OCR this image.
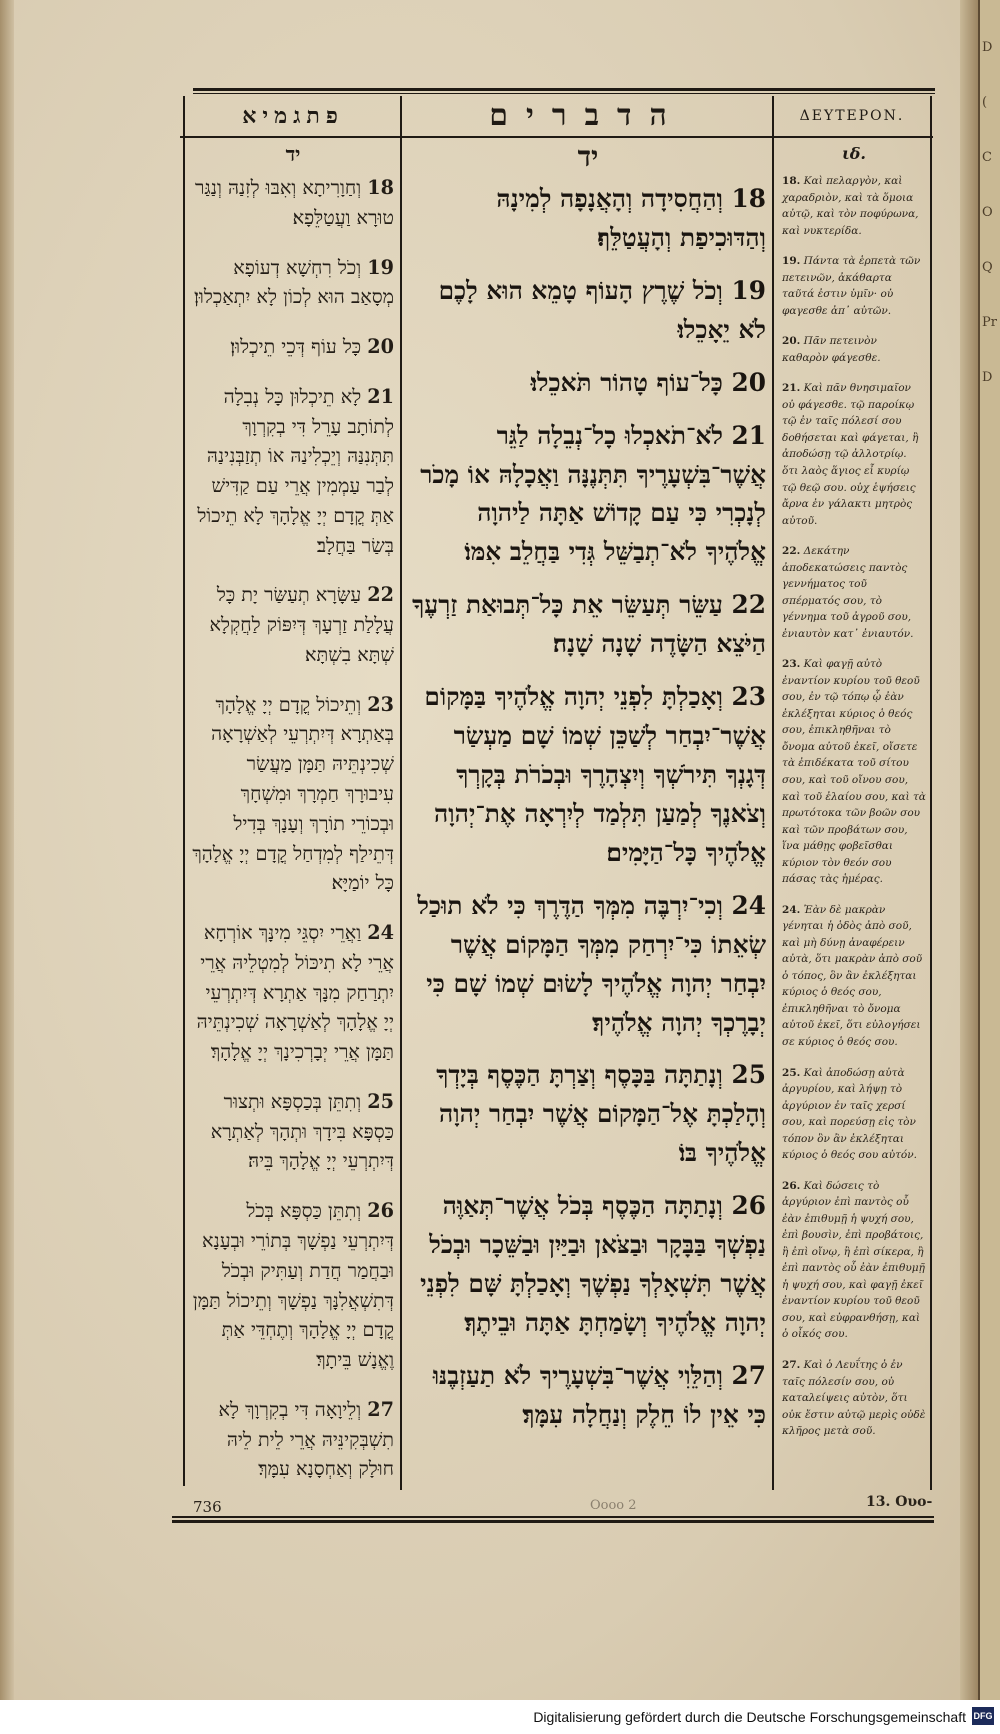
פתגמיא	הדברים	ΔΕΥΤΕΡΟΝ.
יד
18 וְחַוָרִיתָא וְאִבּוּ לְזִנַהּ וְנַגַּר טוּרָא וַעֲטַלֵּפָא׃
19 וְכֹל רִחְשָׁא דְעוֹפָא מְסָאַב הוּא לְכוֹן לָא יִתְאַכְלוּן׃
20 כָּל עוֹף דְּכֵי תֵיכְלוּן׃
21 לָא תֵיכְלוּן כָּל נְבִלָה לְתוֹתָב עָרֵל דִּי בְקִרְוָךְ תִּתְּנִנַּהּ וְיֵכְלִינַהּ אוֹ תְזַבְּנִינַהּ לְבַר עַמְמִין אֲרֵי עַם קַדִּישׁ אַתְּ קֳדָם יְיָ אֱלָהָךְ לָא תֵיכוֹל בְּשַׂר בַּחֲלָב׃
22 עַשָּׂרָא תְעַשַּׂר יָת כָּל עֲלָלַת זַרְעָךְ דְּיִפּוֹק לַחֲקְלָא שְׁתָּא בִשְׁתָּא׃
23 וְתֵיכוֹל קֳדָם יְיָ אֱלָהָךְ בְּאַתְרָא דְּיִתְרְעֵי לְאַשְׁרָאָה שְׁכִינְתֵּיהּ תַּמָּן מַעֲשַׂר עִיבוּרָךְ חַמְרָךְ וּמִשְׁחָךְ וּבְכוֹרֵי תוֹרָךְ וְעָנָךְ בְּדִיל דְּתֵילַף לְמִדְחַל קֳדָם יְיָ אֱלָהָךְ כָּל יוֹמַיָּא׃
24 וַאֲרֵי יִסְגֵּי מִינָּךְ אוֹרְחָא אֲרֵי לָא תִיכּוֹל לְמִטְלֵיהּ אֲרֵי יִתְרַחַק מִנָּךְ אַתְרָא דְּיִתְרְעֵי יְיָ אֱלָהָךְ לְאַשְׁרָאָה שְׁכִינְתֵּיהּ תַּמָּן אֲרֵי יְבָרְכִינָךְ יְיָ אֱלָהָךְ׃
25 וְתִתֵּן בְּכַסְפָּא וּתְצוּר כַּסְפָּא בִּידָךְ וּתְהָךְ לְאַתְרָא דְּיִתְרְעֵי יְיָ אֱלָהָךְ בֵּיהּ׃
26 וְתִתֵּן כַּסְפָּא בְּכֹל דְּיִתְרְעֵי נַפְשָׁךְ בְּתוֹרֵי וּבְעָנָא וּבַחֲמַר חֲדַת וְעַתִּיק וּבְכֹל דְּתִשְׁאֲלִנָּךְ נַפְשָׁךְ וְתֵיכוֹל תַּמָּן קֳדָם יְיָ אֱלָהָךְ וְתֶחְדֵּי אַתְּ וֶאֱנָשׁ בֵּיתָךְ׃
27 וְלֵיוָאָה דִּי בְקִרְוָךְ לָא תִשְׁבְּקִינֵּיהּ אֲרֵי לֵית לֵיהּ חוּלָק וְאַחְסָנָא עִמָּךְ׃
יד
18 וְהַחֲסִידָה וְהָאֲנָפָה לְמִינָהּ וְהַדּוּכִיפַת וְהָעֲטַלֵּף׃
19 וְכֹל שֶׁרֶץ הָעוֹף טָמֵא הוּא לָכֶם לֹא יֵאָכֵלוּ׃
20 כָּל־עוֹף טָהוֹר תֹּאכֵלוּ׃
21 לֹא־תֹאכְלוּ כָל־נְבֵלָה לַגֵּר אֲשֶׁר־בִּשְׁעָרֶיךָ תִּתְּנֶנָּה וַאֲכָלָהּ אוֹ מָכֹר לְנָכְרִי כִּי עַם קָדוֹשׁ אַתָּה לַיהוָה אֱלֹהֶיךָ לֹא־תְבַשֵּׁל גְּדִי בַּחֲלֵב אִמּוֹ׃
22 עַשֵּׂר תְּעַשֵּׂר אֵת כָּל־תְּבוּאַת זַרְעֶךָ הַיֹּצֵא הַשָּׂדֶה שָׁנָה שָׁנָה׃
23 וְאָכַלְתָּ לִפְנֵי יְהוָה אֱלֹהֶיךָ בַּמָּקוֹם אֲשֶׁר־יִבְחַר לְשַׁכֵּן שְׁמוֹ שָׁם מַעְשַׂר דְּגָנְךָ תִּירֹשְׁךָ וְיִצְהָרֶךָ וּבְכֹרֹת בְּקָרְךָ וְצֹאנֶךָ לְמַעַן תִּלְמַד לְיִרְאָה אֶת־יְהוָה אֱלֹהֶיךָ כָּל־הַיָּמִים׃
24 וְכִי־יִרְבֶּה מִמְּךָ הַדֶּרֶךְ כִּי לֹא תוּכַל שְׂאֵתוֹ כִּי־יִרְחַק מִמְּךָ הַמָּקוֹם אֲשֶׁר יִבְחַר יְהוָה אֱלֹהֶיךָ לָשׂוּם שְׁמוֹ שָׁם כִּי יְבָרֶכְךָ יְהוָה אֱלֹהֶיךָ׃
25 וְנָתַתָּה בַּכָּסֶף וְצַרְתָּ הַכֶּסֶף בְּיָדְךָ וְהָלַכְתָּ אֶל־הַמָּקוֹם אֲשֶׁר יִבְחַר יְהוָה אֱלֹהֶיךָ בּוֹ׃
26 וְנָתַתָּה הַכֶּסֶף בְּכֹל אֲשֶׁר־תְּאַוֶּה נַפְשְׁךָ בַּבָּקָר וּבַצֹּאן וּבַיַּיִן וּבַשֵּׁכָר וּבְכֹל אֲשֶׁר תִּשְׁאָלְךָ נַפְשֶׁךָ וְאָכַלְתָּ שָּׁם לִפְנֵי יְהוָה אֱלֹהֶיךָ וְשָׂמַחְתָּ אַתָּה וּבֵיתֶךָ׃
27 וְהַלֵּוִי אֲשֶׁר־בִּשְׁעָרֶיךָ לֹא תַעַזְבֶנּוּ כִּי אֵין לוֹ חֵלֶק וְנַחֲלָה עִמָּךְ׃
ιδ.
18. Καὶ πελαργὸν, καὶ χαραδριὸν, καὶ τὰ ὅμοια αὐτῷ, καὶ τὸν ποφύρωνα, καὶ νυκτερίδα.
19. Πάντα τὰ ἑρπετὰ τῶν πετεινῶν, ἀκάθαρτα ταῦτά ἐστιν ὑμῖν· οὐ φαγεσθε ἀπ᾽ αὐτῶν.
20. Πᾶν πετεινὸν καθαρὸν φάγεσθε.
21. Καὶ πᾶν θνησιμαῖον οὐ φάγεσθε. τῷ παροίκῳ τῷ ἐν ταῖς πόλεσί σου δοθήσεται καὶ φάγεται, ἢ ἀποδώσῃ τῷ ἀλλοτρίῳ. ὅτι λαὸς ἅγιος εἶ κυρίῳ τῷ θεῷ σου. οὐχ ἑψήσεις ἄρνα ἐν γάλακτι μητρὸς αὐτοῦ.
22. Δεκάτην ἀποδεκατώσεις παντὸς γεννήματος τοῦ σπέρματός σου, τὸ γέννημα τοῦ ἀγροῦ σου, ἐνιαυτὸν κατ᾽ ἐνιαυτόν.
23. Καὶ φαγῇ αὐτὸ ἐναντίον κυρίου τοῦ θεοῦ σου, ἐν τῷ τόπῳ ᾧ ἐὰν ἐκλέξηται κύριος ὁ θεός σου, ἐπικληθῆναι τὸ ὄνομα αὐτοῦ ἐκεῖ, οἴσετε τὰ ἐπιδέκατα τοῦ σίτου σου, καὶ τοῦ οἴνου σου, καὶ τοῦ ἐλαίου σου, καὶ τὰ πρωτότοκα τῶν βοῶν σου καὶ τῶν προβάτων σου, ἵνα μάθῃς φοβεῖσθαι κύριον τὸν θεόν σου πάσας τὰς ἡμέρας.
24. Ἐὰν δὲ μακρὰν γένηται ἡ ὁδὸς ἀπὸ σοῦ, καὶ μὴ δύνῃ ἀναφέρειν αὐτὰ, ὅτι μακρὰν ἀπὸ σοῦ ὁ τόπος, ὃν ἂν ἐκλέξηται κύριος ὁ θεός σου, ἐπικληθῆναι τὸ ὄνομα αὐτοῦ ἐκεῖ, ὅτι εὐλογήσει σε κύριος ὁ θεός σου.
25. Καὶ ἀποδώσῃ αὐτὰ ἀργυρίου, καὶ λήψῃ τὸ ἀργύριον ἐν ταῖς χερσί σου, καὶ πορεύσῃ εἰς τὸν τόπον ὃν ἂν ἐκλέξηται κύριος ὁ θεός σου αὐτόν.
26. Καὶ δώσεις τὸ ἀργύριον ἐπὶ παντὸς οὗ ἐὰν ἐπιθυμῇ ἡ ψυχή σου, ἐπὶ βουσὶν, ἐπὶ προβάτοις, ἢ ἐπὶ οἴνῳ, ἢ ἐπὶ σίκερα, ἢ ἐπὶ παντὸς οὗ ἐὰν ἐπιθυμῇ ἡ ψυχή σου, καὶ φαγῇ ἐκεῖ ἐναντίον κυρίου τοῦ θεοῦ σου, καὶ εὐφρανθήσῃ, καὶ ὁ οἶκός σου.
27. Καὶ ὁ Λευΐτης ὁ ἐν ταῖς πόλεσίν σου, οὐ καταλείψεις αὐτὸν, ὅτι οὐκ ἔστιν αὐτῷ μερὶς οὐδὲ κλῆρος μετὰ σοῦ.
736	Oooo 2	13. Ουο-
D
(
C
O
Q
Pr
D
Digitalisierung gefördert durch die Deutsche Forschungsgemeinschaft DFG
